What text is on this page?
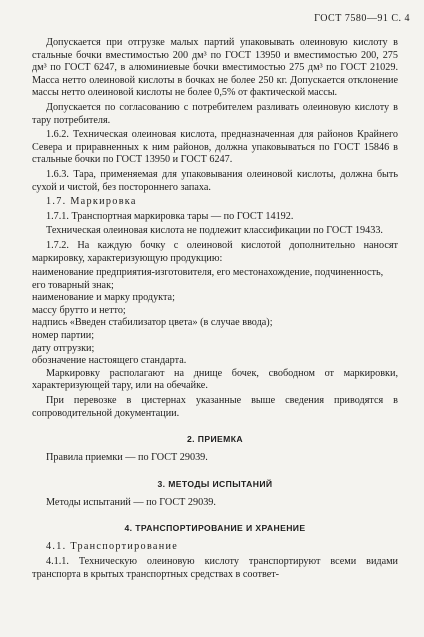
ГОСТ 7580—91 С. 4

Допускается при отгрузке малых партий упаковывать олеиновую кислоту в стальные бочки вместимостью 200 дм³ по ГОСТ 13950 и вместимостью 200, 275 дм³ по ГОСТ 6247, в алюминиевые бочки вместимостью 275 дм³ по ГОСТ 21029. Масса нетто олеиновой кислоты в бочках не более 250 кг. Допускается отклонение массы нетто олеиновой кислоты не более 0,5% от фактической массы.

Допускается по согласованию с потребителем разливать олеиновую кислоту в тару потребителя.

1.6.2. Техническая олеиновая кислота, предназначенная для районов Крайнего Севера и приравненных к ним районов, должна упаковываться по ГОСТ 15846 в стальные бочки по ГОСТ 13950 и ГОСТ 6247.

1.6.3. Тара, применяемая для упаковывания олеиновой кислоты, должна быть сухой и чистой, без постороннего запаха.

1.7. Маркировка

1.7.1. Транспортная маркировка тары — по ГОСТ 14192.

Техническая олеиновая кислота не подлежит классификации по ГОСТ 19433.

1.7.2. На каждую бочку с олеиновой кислотой дополнительно наносят маркировку, характеризующую продукцию:

наименование предприятия-изготовителя, его местонахождение, подчиненность, его товарный знак;

наименование и марку продукта;

массу брутто и нетто;

надпись «Введен стабилизатор цвета» (в случае ввода);

номер партии;

дату отгрузки;

обозначение настоящего стандарта.

Маркировку располагают на днище бочек, свободном от маркировки, характеризующей тару, или на обечайке.

При перевозке в цистернах указанные выше сведения приводятся в сопроводительной документации.

2. ПРИЕМКА

Правила приемки — по ГОСТ 29039.

3. МЕТОДЫ ИСПЫТАНИЙ

Методы испытаний — по ГОСТ 29039.

4. ТРАНСПОРТИРОВАНИЕ И ХРАНЕНИЕ

4.1. Транспортирование

4.1.1. Техническую олеиновую кислоту транспортируют всеми видами транспорта в крытых транспортных средствах в соответ-
